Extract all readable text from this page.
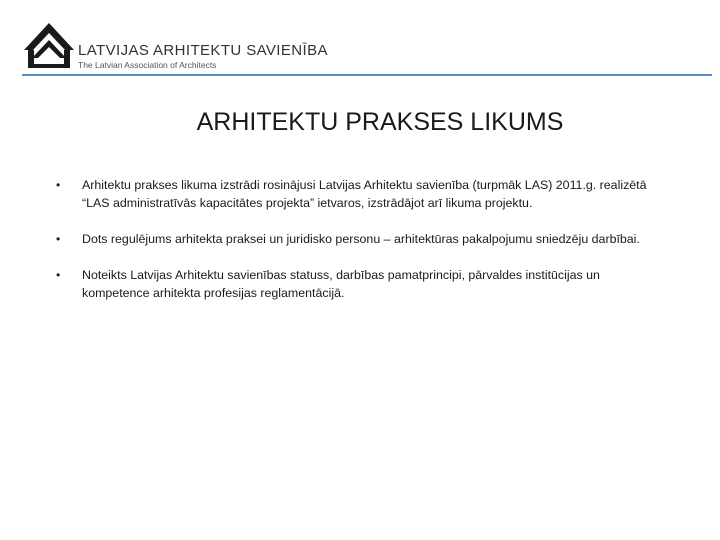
LATVIJAS ARHITEKTU SAVIENĪBA
The Latvian Association of Architects
ARHITEKTU PRAKSES LIKUMS
• Arhitektu prakses likuma izstrādi rosinājusi Latvijas Arhitektu savienība (turpmāk LAS) 2011.g. realizētā “LAS administratīvās kapacitātes projekta” ietvaros, izstrādājot arī likuma projektu.
• Dots regulējums arhitekta praksei un juridisko personu – arhitektūras pakalpojumu sniedzēju darbībai.
• Noteikts Latvijas Arhitektu savienības statuss, darbības pamatprincipi, pārvaldes institūcijas un kompetence arhitekta profesijas reglamentācijā.
